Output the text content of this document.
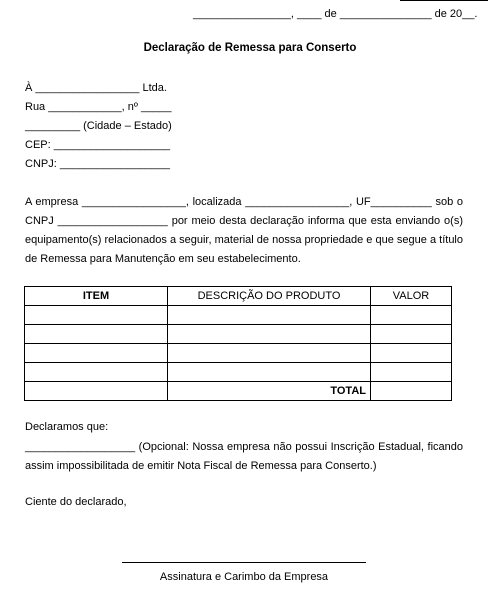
________________, ____ de _______________ de 20__.
Declaração de Remessa para Conserto
À _________________ Ltda.
Rua ____________, nº _____
_________ (Cidade – Estado)
CEP: ___________________
CNPJ: __________________
A empresa _________________, localizada _________________, UF__________ sob o CNPJ __________________ por meio desta declaração informa que esta enviando o(s) equipamento(s) relacionados a seguir, material de nossa propriedade e que segue a título de Remessa para Manutenção em seu estabelecimento.
ITEM	DESCRIÇÃO DO PRODUTO	VALOR

	TOTAL	
Declaramos que:
__________________ (Opcional: Nossa empresa não possui Inscrição Estadual, ficando assim impossibilitada de emitir Nota Fiscal de Remessa para Conserto.)
Ciente do declarado,
Assinatura e Carimbo da Empresa
